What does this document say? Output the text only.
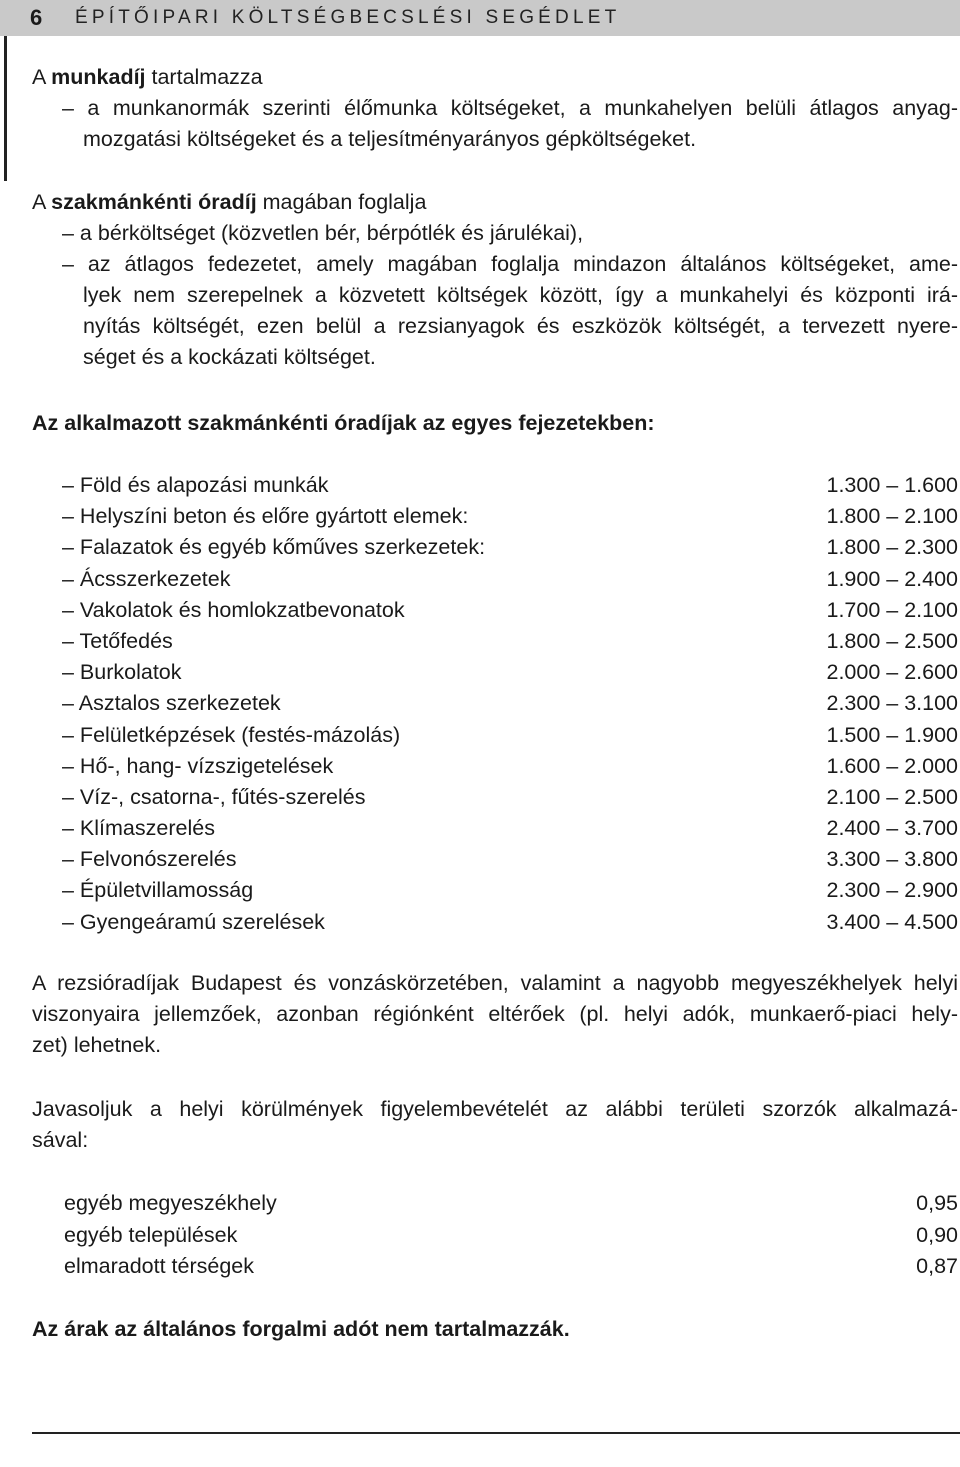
6 ÉPÍTŐIPARI KÖLTSÉGBECSLÉSI SEGÉDLET
A munkadíj tartalmazza
– a munkanormák szerinti élőmunka költségeket, a munkahelyen belüli átlagos anyag-
mozgatási költségeket és a teljesítményarányos gépköltségeket.
A szakmánkénti óradíj magában foglalja
– a bérköltséget (közvetlen bér, bérpótlék és járulékai),
– az átlagos fedezetet, amely magában foglalja mindazon általános költségeket, ame-
lyek nem szerepelnek a közvetett költségek között, így a munkahelyi és központi irá-
nyítás költségét, ezen belül a rezsianyagok és eszközök költségét, a tervezett nyere-
séget és a kockázati költséget.
Az alkalmazott szakmánkénti óradíjak az egyes fejezetekben:
– Föld és alapozási munkák	1.300 – 1.600
– Helyszíni beton és előre gyártott elemek:	1.800 – 2.100
– Falazatok és egyéb kőműves szerkezetek:	1.800 – 2.300
– Ácsszerkezetek	1.900 – 2.400
– Vakolatok és homlokzatbevonatok	1.700 – 2.100
– Tetőfedés	1.800 – 2.500
– Burkolatok	2.000 – 2.600
– Asztalos szerkezetek	2.300 – 3.100
– Felületképzések (festés-mázolás)	1.500 – 1.900
– Hő-, hang- vízszigetelések	1.600 – 2.000
– Víz-, csatorna-, fűtés-szerelés	2.100 – 2.500
– Klímaszerelés	2.400 – 3.700
– Felvonószerelés	3.300 – 3.800
– Épületvillamosság	2.300 – 2.900
– Gyengeáramú szerelések	3.400 – 4.500
A rezsióradíjak Budapest és vonzáskörzetében, valamint a nagyobb megyeszékhelyek helyi
viszonyaira jellemzőek, azonban régiónként eltérőek (pl. helyi adók, munkaerő-piaci hely-
zet) lehetnek.
Javasoljuk a helyi körülmények figyelembevételét az alábbi területi szorzók alkalmazá-
sával:
egyéb megyeszékhely	0,95
egyéb települések	0,90
elmaradott térségek	0,87
Az árak az általános forgalmi adót nem tartalmazzák.
